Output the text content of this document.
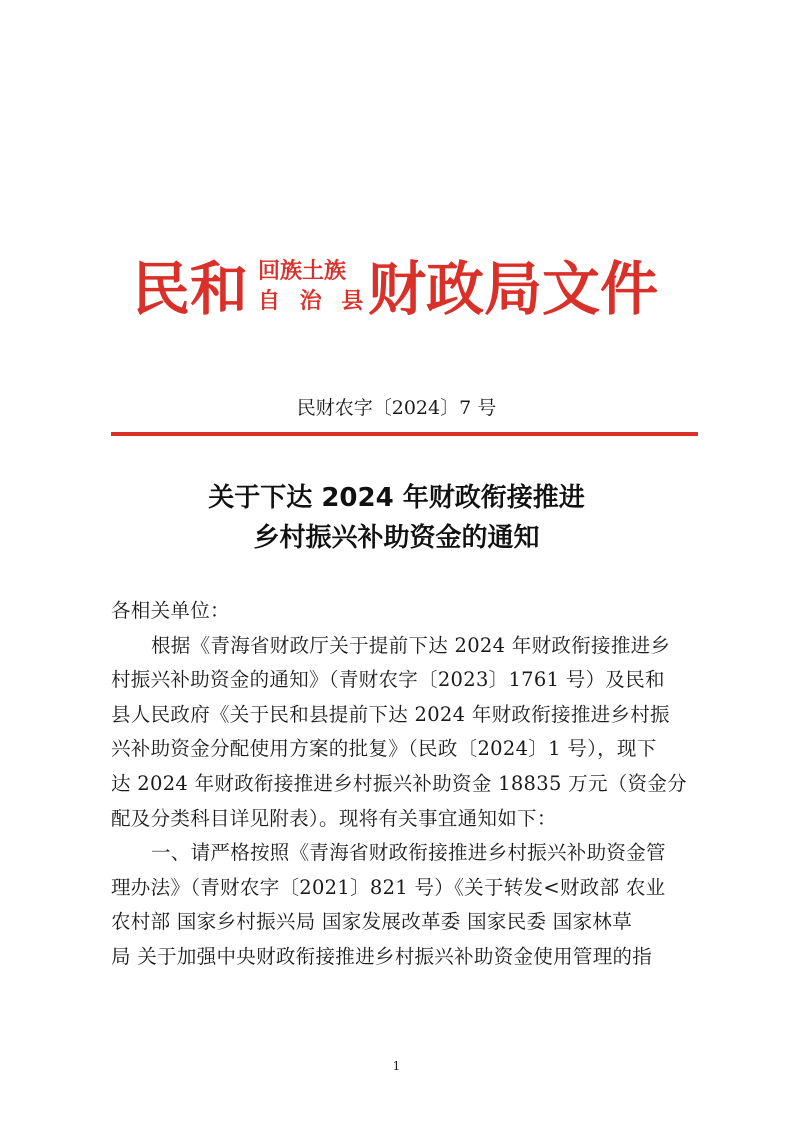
民和 回族土族
自 治 县
财政局文件
民财农字〔2024〕7 号
关于下达 2024 年财政衔接推进
乡村振兴补助资金的通知
各相关单位：
根据《青海省财政厅关于提前下达 2024 年财政衔接推进乡
村振兴补助资金的通知》（青财农字〔2023〕1761 号）及民和
县人民政府《关于民和县提前下达 2024 年财政衔接推进乡村振
兴补助资金分配使用方案的批复》（民政〔2024〕1 号），现下
达 2024 年财政衔接推进乡村振兴补助资金 18835 万元（资金分
配及分类科目详见附表）。现将有关事宜通知如下：
一、请严格按照《青海省财政衔接推进乡村振兴补助资金管
理办法》（青财农字〔2021〕821 号）《关于转发<财政部 农业
农村部 国家乡村振兴局 国家发展改革委 国家民委 国家林草
局 关于加强中央财政衔接推进乡村振兴补助资金使用管理的指
1
